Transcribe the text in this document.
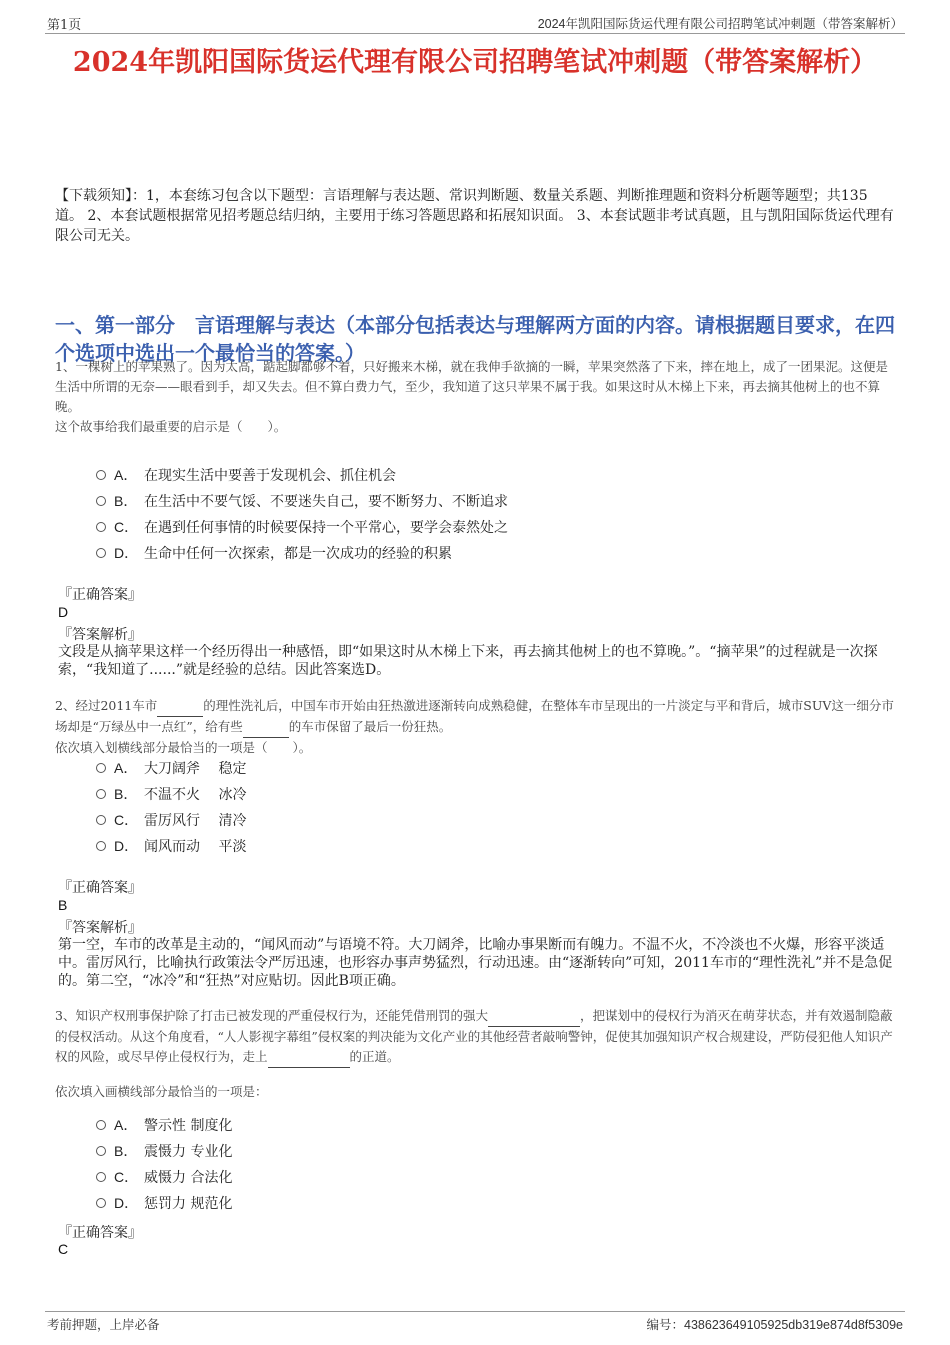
第1页	2024年凯阳国际货运代理有限公司招聘笔试冲刺题（带答案解析）
2024年凯阳国际货运代理有限公司招聘笔试冲刺题（带答案解析）

【下载须知】：1，本套练习包含以下题型：言语理解与表达题、常识判断题、数量关系题、判断推理题和资料分析题等题型；共135道。 2、本套试题根据常见招考题总结归纳，主要用于练习答题思路和拓展知识面。 3、本套试题非考试真题，且与凯阳国际货运代理有限公司无关。

一、第一部分　言语理解与表达（本部分包括表达与理解两方面的内容。请根据题目要求，在四个选项中选出一个最恰当的答案。）
1、一棵树上的苹果熟了。因为太高，踮起脚都够不着，只好搬来木梯，就在我伸手欲摘的一瞬，苹果突然落了下来，摔在地上，成了一团果泥。这便是生活中所谓的无奈——眼看到手，却又失去。但不算白费力气，至少，我知道了这只苹果不属于我。如果这时从木梯上下来，再去摘其他树上的也不算晚。
这个故事给我们最重要的启示是（　　）。
A． 在现实生活中要善于发现机会、抓住机会
B． 在生活中不要气馁、不要迷失自己，要不断努力、不断追求
C． 在遇到任何事情的时候要保持一个平常心，要学会泰然处之
D． 生命中任何一次探索，都是一次成功的经验的积累
『正确答案』
D
『答案解析』
文段是从摘苹果这样一个经历得出一种感悟，即“如果这时从木梯上下来，再去摘其他树上的也不算晚。”。“摘苹果”的过程就是一次探索，“我知道了......”就是经验的总结。因此答案选D。
2、经过2011车市	的理性洗礼后，中国车市开始由狂热激进逐渐转向成熟稳健，在整体车市呈现出的一片淡定与平和背后，城市SUV这一细分市场却是“万绿丛中一点红”，给有些	的车市保留了最后一份狂热。
依次填入划横线部分最恰当的一项是（　　）。
A． 大刀阔斧　 稳定
B． 不温不火　 冰冷
C． 雷厉风行　 清冷
D． 闻风而动　 平淡
『正确答案』
B
『答案解析』
第一空，车市的改革是主动的，“闻风而动”与语境不符。大刀阔斧，比喻办事果断而有魄力。不温不火，不冷淡也不火爆，形容平淡适中。雷厉风行，比喻执行政策法令严厉迅速，也形容办事声势猛烈，行动迅速。由“逐渐转向”可知，2011车市的“理性洗礼”并不是急促的。第二空，“冰冷”和“狂热”对应贴切。因此B项正确。
3、知识产权刑事保护除了打击已被发现的严重侵权行为，还能凭借刑罚的强大	，把谋划中的侵权行为消灭在萌芽状态，并有效遏制隐蔽的侵权活动。从这个角度看，“人人影视字幕组”侵权案的判决能为文化产业的其他经营者敲响警钟，促使其加强知识产权合规建设，严防侵犯他人知识产权的风险，或尽早停止侵权行为，走上	的正道。
依次填入画横线部分最恰当的一项是：
A． 警示性 制度化
B． 震慑力 专业化
C． 威慑力 合法化
D． 惩罚力 规范化
『正确答案』
C
考前押题，上岸必备	编号：438623649105925db319e874d8f5309e
